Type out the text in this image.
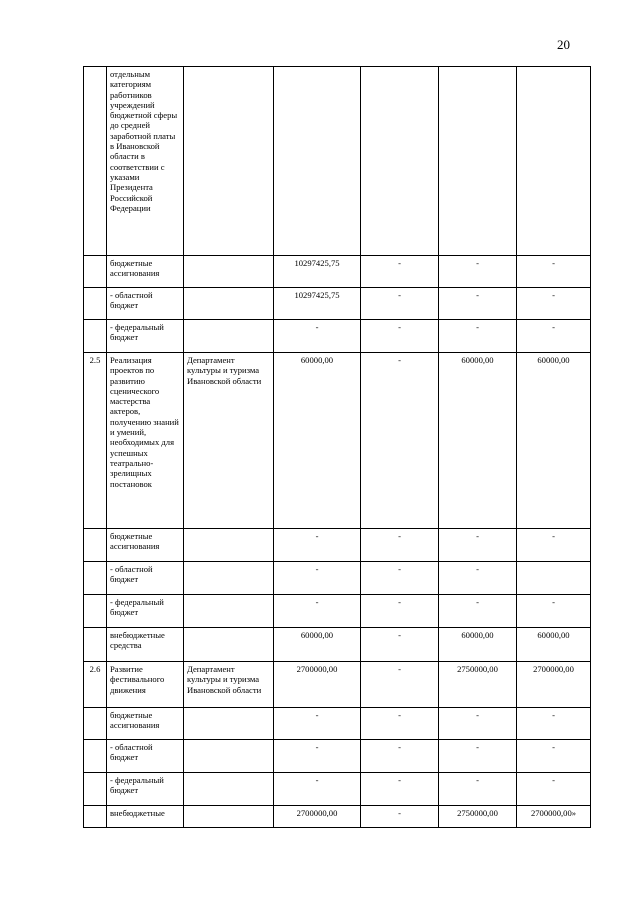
20
	отдельным категориям работников учреждений бюджетной сферы до средней заработной платы в Ивановской области в соответствии с указами Президента Российской Федерации					
	бюджетные ассигнования		10297425,75	-	-	-
	- областной бюджет		10297425,75	-	-	-
	- федеральный бюджет		-	-	-	-
2.5	Реализация проектов по развитию сценического мастерства актеров, получению знаний и умений, необходимых для успешных театрально-зрелищных постановок	Департамент культуры и туризма Ивановской области	60000,00	-	60000,00	60000,00
	бюджетные ассигнования		-	-	-	-
	- областной бюджет		-	-	-	
	- федеральный бюджет		-	-	-	-
	внебюджетные средства		60000,00	-	60000,00	60000,00
2.6	Развитие фестивального движения	Департамент культуры и туризма Ивановской области	2700000,00	-	2750000,00	2700000,00
	бюджетные ассигнования		-	-	-	-
	- областной бюджет		-	-	-	-
	- федеральный бюджет		-	-	-	-
	внебюджетные		2700000,00	-	2750000,00	2700000,00»
